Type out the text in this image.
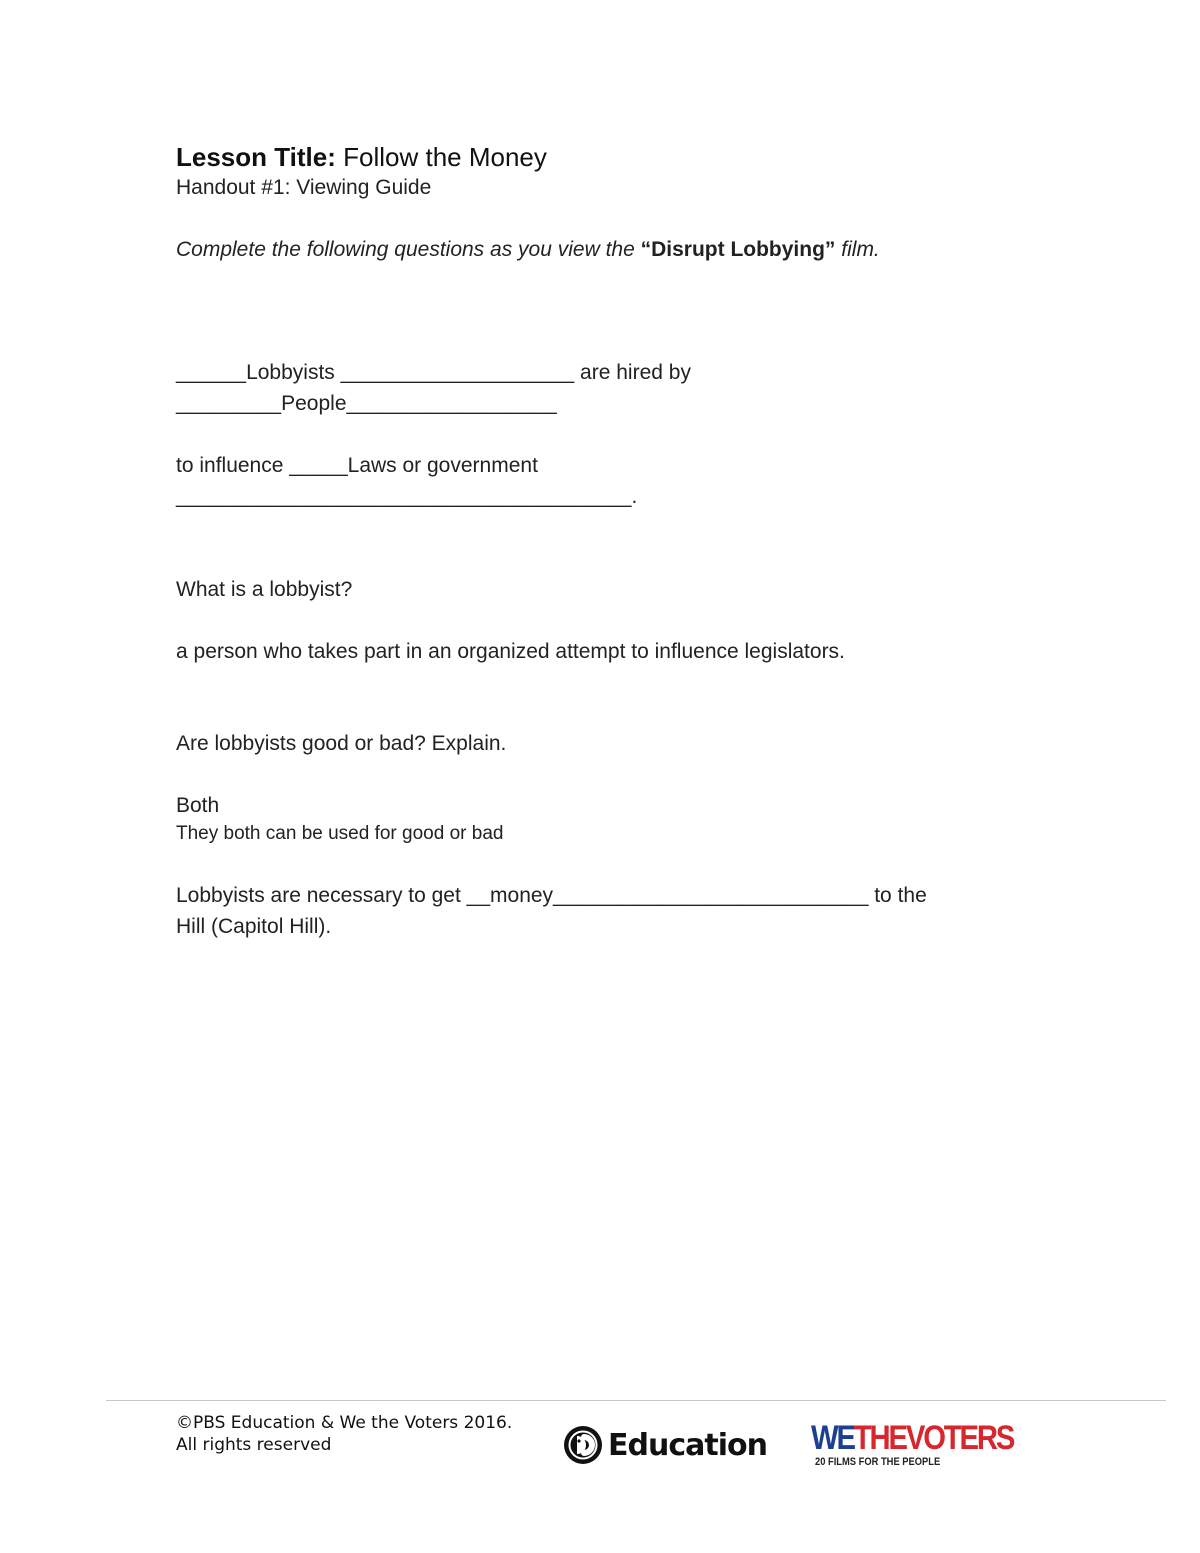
Lesson Title: Follow the Money
Handout #1: Viewing Guide
Complete the following questions as you view the “Disrupt Lobbying” film.
______Lobbyists ____________________ are hired by
_________People__________________
to influence _____Laws or government
_______________________________________.
What is a lobbyist?
a person who takes part in an organized attempt to influence legislators.
Are lobbyists good or bad? Explain.
Both
They both can be used for good or bad
Lobbyists are necessary to get __money___________________________ to the
Hill (Capitol Hill).
©PBS Education & We the Voters 2016.
All rights reserved	Education WETHEVOTERS
20 FILMS FOR THE PEOPLE
